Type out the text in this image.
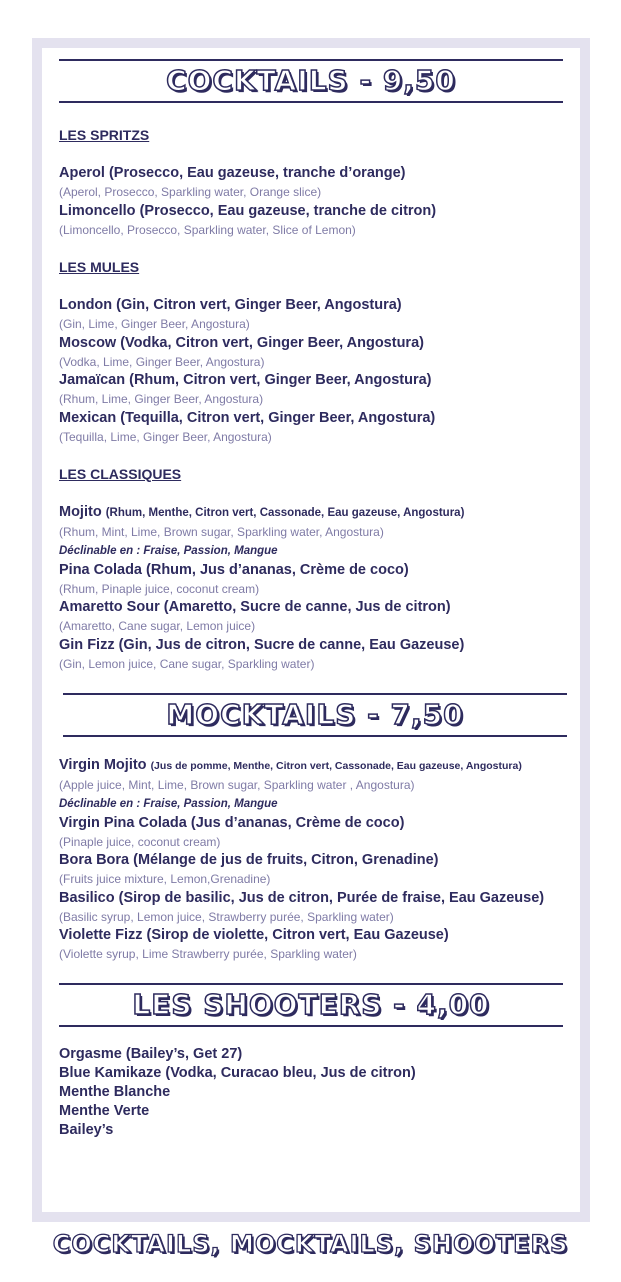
COCKTAILS - 9,50
LES SPRITZS
Aperol (Prosecco, Eau gazeuse, tranche d’orange)
(Aperol, Prosecco, Sparkling water, Orange slice)
Limoncello (Prosecco, Eau gazeuse, tranche de citron)
(Limoncello, Prosecco, Sparkling water, Slice of Lemon)
LES MULES
London (Gin, Citron vert, Ginger Beer, Angostura)
(Gin, Lime, Ginger Beer, Angostura)
Moscow (Vodka, Citron vert, Ginger Beer, Angostura)
(Vodka, Lime, Ginger Beer, Angostura)
Jamaïcan (Rhum, Citron vert, Ginger Beer, Angostura)
(Rhum, Lime, Ginger Beer, Angostura)
Mexican (Tequilla, Citron vert, Ginger Beer, Angostura)
(Tequilla, Lime, Ginger Beer, Angostura)
LES CLASSIQUES
Mojito (Rhum, Menthe, Citron vert, Cassonade, Eau gazeuse, Angostura)
(Rhum, Mint, Lime, Brown sugar, Sparkling water, Angostura)
Déclinable en : Fraise, Passion, Mangue
Pina Colada (Rhum, Jus d’ananas, Crème de coco)
(Rhum, Pinaple juice, coconut cream)
Amaretto Sour (Amaretto, Sucre de canne, Jus de citron)
(Amaretto, Cane sugar, Lemon juice)
Gin Fizz (Gin, Jus de citron, Sucre de canne, Eau Gazeuse)
(Gin, Lemon juice, Cane sugar, Sparkling water)
MOCKTAILS - 7,50
Virgin Mojito (Jus de pomme, Menthe, Citron vert, Cassonade, Eau gazeuse, Angostura)
(Apple juice, Mint, Lime, Brown sugar, Sparkling water , Angostura)
Déclinable en : Fraise, Passion, Mangue
Virgin Pina Colada (Jus d’ananas, Crème de coco)
(Pinaple juice, coconut cream)
Bora Bora (Mélange de jus de fruits, Citron, Grenadine)
(Fruits juice mixture, Lemon,Grenadine)
Basilico (Sirop de basilic, Jus de citron, Purée de fraise, Eau Gazeuse)
(Basilic syrup, Lemon juice, Strawberry purée, Sparkling water)
Violette Fizz (Sirop de violette, Citron vert, Eau Gazeuse)
(Violette syrup, Lime Strawberry purée, Sparkling water)
LES SHOOTERS - 4,00
Orgasme (Bailey’s, Get 27)
Blue Kamikaze (Vodka, Curacao bleu, Jus de citron)
Menthe Blanche
Menthe Verte
Bailey’s
COCKTAILS, MOCKTAILS, SHOOTERS
